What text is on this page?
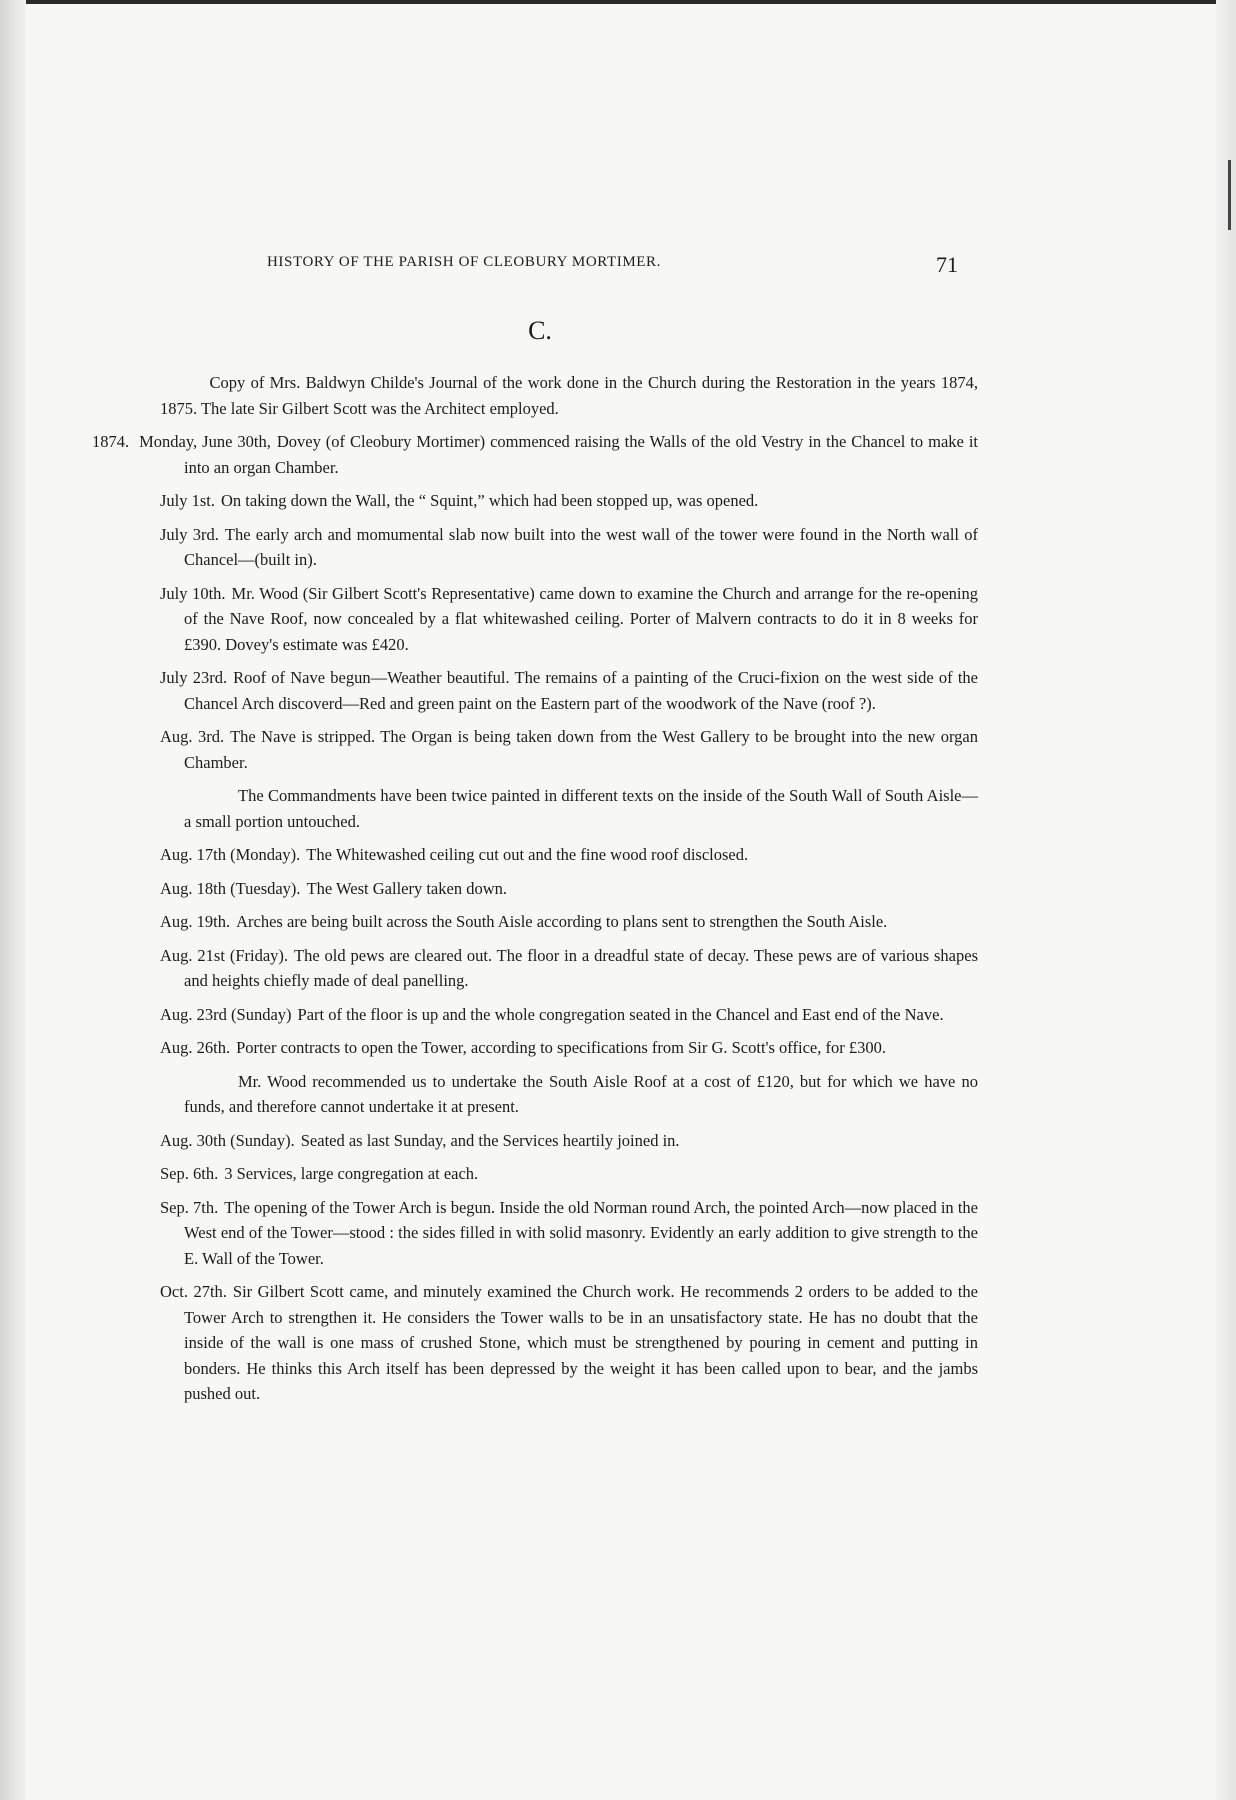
HISTORY OF THE PARISH OF CLEOBURY MORTIMER.	71
C.

Copy of Mrs. Baldwyn Childe's Journal of the work done in the Church during the Restoration in the years 1874, 1875. The late Sir Gilbert Scott was the Architect employed.

1874. Monday, June 30th, Dovey (of Cleobury Mortimer) commenced raising the Walls of the old Vestry in the Chancel to make it into an organ Chamber.

July 1st. On taking down the Wall, the “ Squint,” which had been stopped up, was opened.

July 3rd. The early arch and momumental slab now built into the west wall of the tower were found in the North wall of Chancel—(built in).

July 10th. Mr. Wood (Sir Gilbert Scott's Representative) came down to examine the Church and arrange for the re-opening of the Nave Roof, now concealed by a flat whitewashed ceiling. Porter of Malvern contracts to do it in 8 weeks for £390. Dovey's estimate was £420.

July 23rd. Roof of Nave begun—Weather beautiful. The remains of a painting of the Cruci-fixion on the west side of the Chancel Arch discoverd—Red and green paint on the Eastern part of the woodwork of the Nave (roof ?).

Aug. 3rd. The Nave is stripped. The Organ is being taken down from the West Gallery to be brought into the new organ Chamber.

The Commandments have been twice painted in different texts on the inside of the South Wall of South Aisle—a small portion untouched.

Aug. 17th (Monday). The Whitewashed ceiling cut out and the fine wood roof disclosed.

Aug. 18th (Tuesday). The West Gallery taken down.

Aug. 19th. Arches are being built across the South Aisle according to plans sent to strengthen the South Aisle.

Aug. 21st (Friday). The old pews are cleared out. The floor in a dreadful state of decay. These pews are of various shapes and heights chiefly made of deal panelling.

Aug. 23rd (Sunday) Part of the floor is up and the whole congregation seated in the Chancel and East end of the Nave.

Aug. 26th. Porter contracts to open the Tower, according to specifications from Sir G. Scott's office, for £300.

Mr. Wood recommended us to undertake the South Aisle Roof at a cost of £120, but for which we have no funds, and therefore cannot undertake it at present.

Aug. 30th (Sunday). Seated as last Sunday, and the Services heartily joined in.

Sep. 6th. 3 Services, large congregation at each.

Sep. 7th. The opening of the Tower Arch is begun. Inside the old Norman round Arch, the pointed Arch—now placed in the West end of the Tower—stood : the sides filled in with solid masonry. Evidently an early addition to give strength to the E. Wall of the Tower.

Oct. 27th. Sir Gilbert Scott came, and minutely examined the Church work. He recommends 2 orders to be added to the Tower Arch to strengthen it. He considers the Tower walls to be in an unsatisfactory state. He has no doubt that the inside of the wall is one mass of crushed Stone, which must be strengthened by pouring in cement and putting in bonders. He thinks this Arch itself has been depressed by the weight it has been called upon to bear, and the jambs pushed out.
